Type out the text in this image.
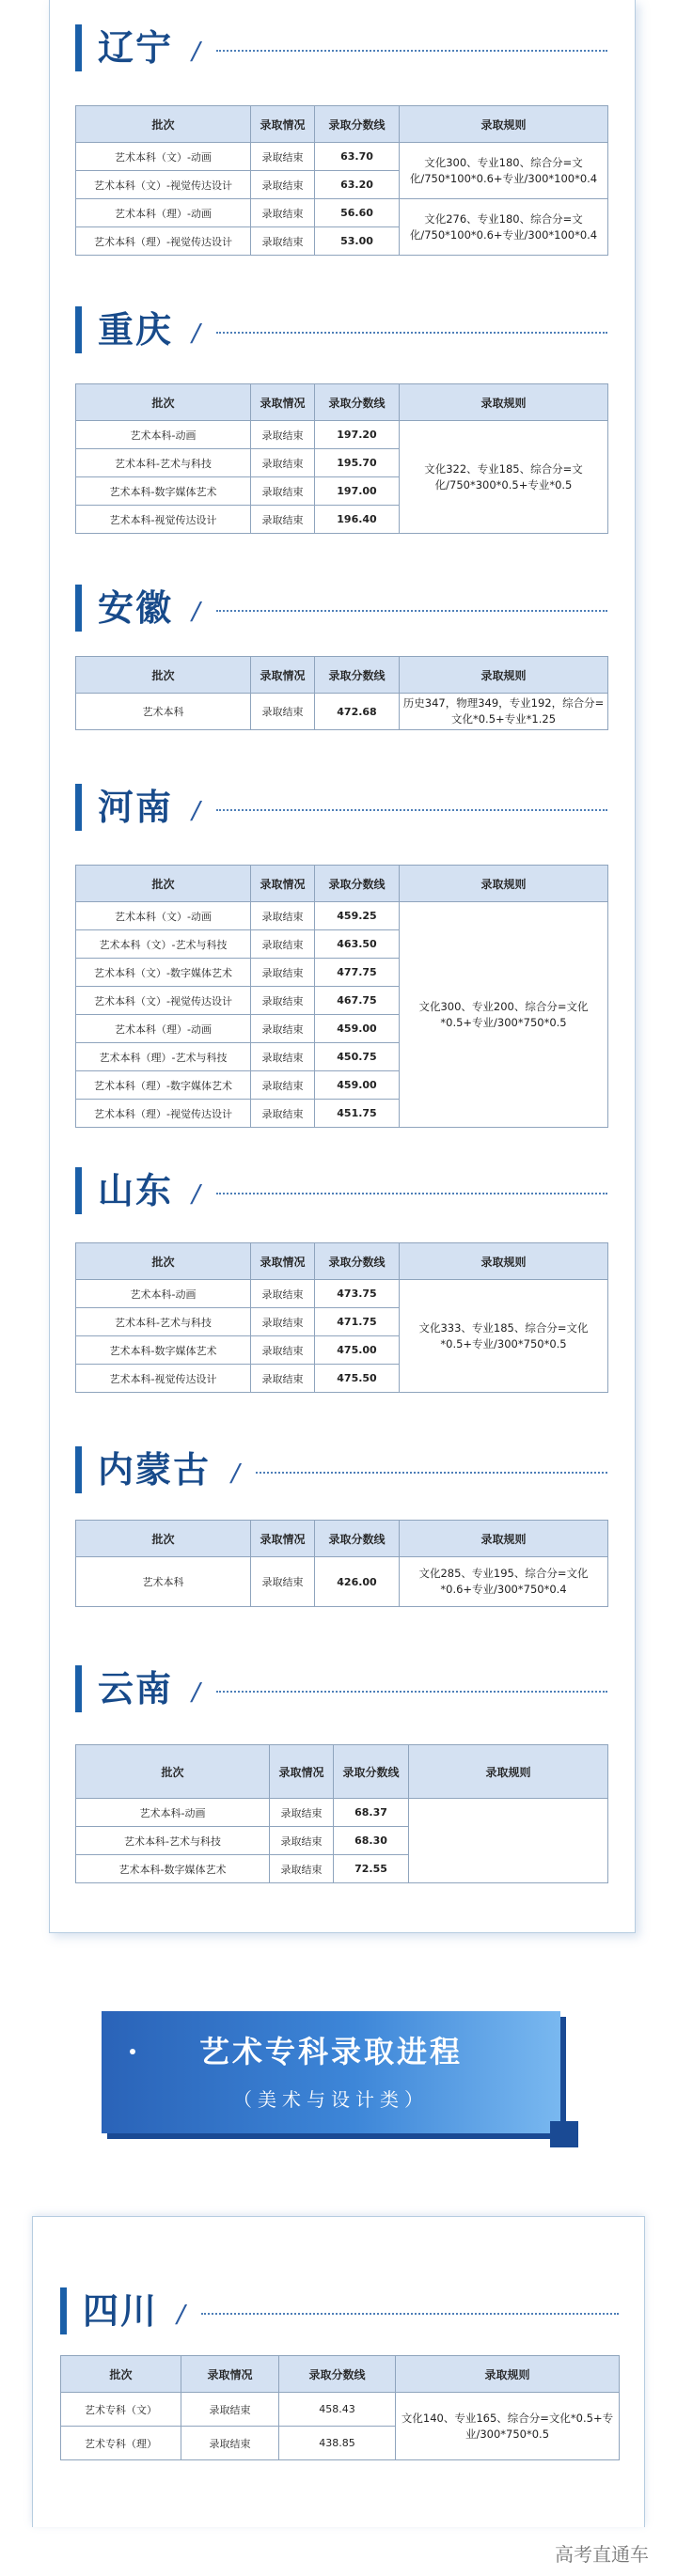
辽宁 /
批次	录取情况	录取分数线	录取规则
艺术本科（文）-动画	录取结束	63.70	文化300、专业180、综合分=文化/750*100*0.6+专业/300*100*0.4
艺术本科（文）-视觉传达设计	录取结束	63.20	
艺术本科（理）-动画	录取结束	56.60	文化276、专业180、综合分=文化/750*100*0.6+专业/300*100*0.4
艺术本科（理）-视觉传达设计	录取结束	53.00	
重庆 /
批次	录取情况	录取分数线	录取规则
艺术本科-动画	录取结束	197.20	文化322、专业185、综合分=文化/750*300*0.5+专业*0.5
艺术本科-艺术与科技	录取结束	195.70	
艺术本科-数字媒体艺术	录取结束	197.00	
艺术本科-视觉传达设计	录取结束	196.40	
安徽 /
批次	录取情况	录取分数线	录取规则
艺术本科	录取结束	472.68	历史347，物理349，专业192，综合分=文化*0.5+专业*1.25
河南 /
批次	录取情况	录取分数线	录取规则
艺术本科（文）-动画	录取结束	459.25	文化300、专业200、综合分=文化*0.5+专业/300*750*0.5
艺术本科（文）-艺术与科技	录取结束	463.50	
艺术本科（文）-数字媒体艺术	录取结束	477.75	
艺术本科（文）-视觉传达设计	录取结束	467.75	
艺术本科（理）-动画	录取结束	459.00	
艺术本科（理）-艺术与科技	录取结束	450.75	
艺术本科（理）-数字媒体艺术	录取结束	459.00	
艺术本科（理）-视觉传达设计	录取结束	451.75	
山东 /
批次	录取情况	录取分数线	录取规则
艺术本科-动画	录取结束	473.75	文化333、专业185、综合分=文化*0.5+专业/300*750*0.5
艺术本科-艺术与科技	录取结束	471.75	
艺术本科-数字媒体艺术	录取结束	475.00	
艺术本科-视觉传达设计	录取结束	475.50	
内蒙古 /
批次	录取情况	录取分数线	录取规则
艺术本科	录取结束	426.00	文化285、专业195、综合分=文化*0.6+专业/300*750*0.4
云南 /
批次	录取情况	录取分数线	录取规则
艺术本科-动画	录取结束	68.37	
艺术本科-艺术与科技	录取结束	68.30	
艺术本科-数字媒体艺术	录取结束	72.55	
艺术专科录取进程
（美术与设计类）
四川 /
批次	录取情况	录取分数线	录取规则
艺术专科（文）	录取结束	458.43	文化140、专业165、综合分=文化*0.5+专业/300*750*0.5
艺术专科（理）	录取结束	438.85	
高考直通车
